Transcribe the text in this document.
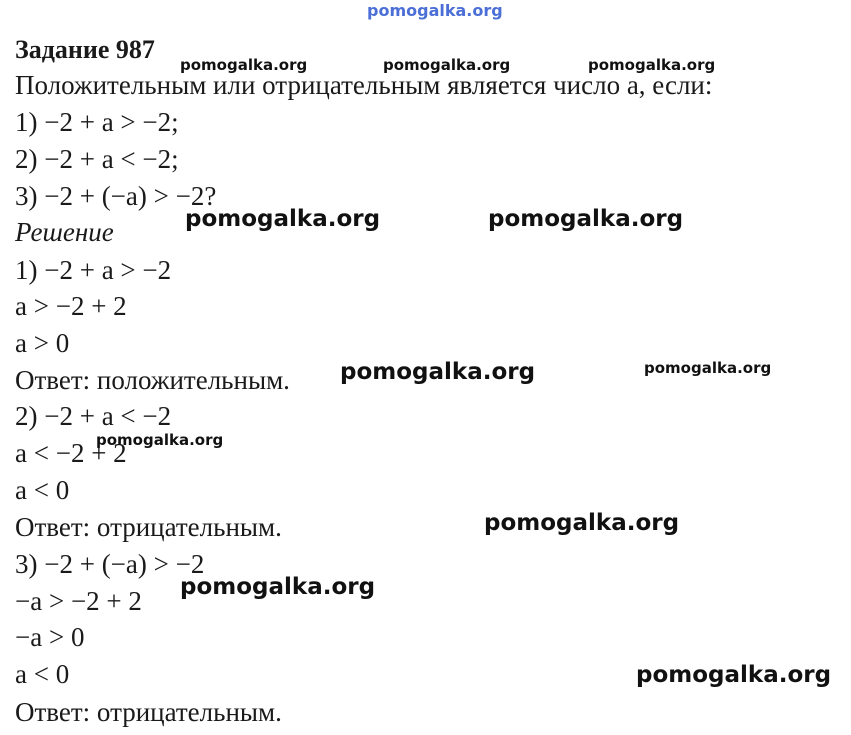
pomogalka.org
Задание 987
Положительным или отрицательным является число a, если:
1) −2 + a > −2;
2) −2 + a < −2;
3) −2 + (−a) > −2?
Решение
1) −2 + a > −2
a > −2 + 2
a > 0
Ответ: положительным.
2) −2 + a < −2
a < −2 + 2
a < 0
Ответ: отрицательным.
3) −2 + (−a) > −2
−a > −2 + 2
−a > 0
a < 0
Ответ: отрицательным.
pomogalka.org	pomogalka.org	pomogalka.org
pomogalka.org	pomogalka.org
pomogalka.org	pomogalka.org
pomogalka.org
pomogalka.org
pomogalka.org
pomogalka.org
